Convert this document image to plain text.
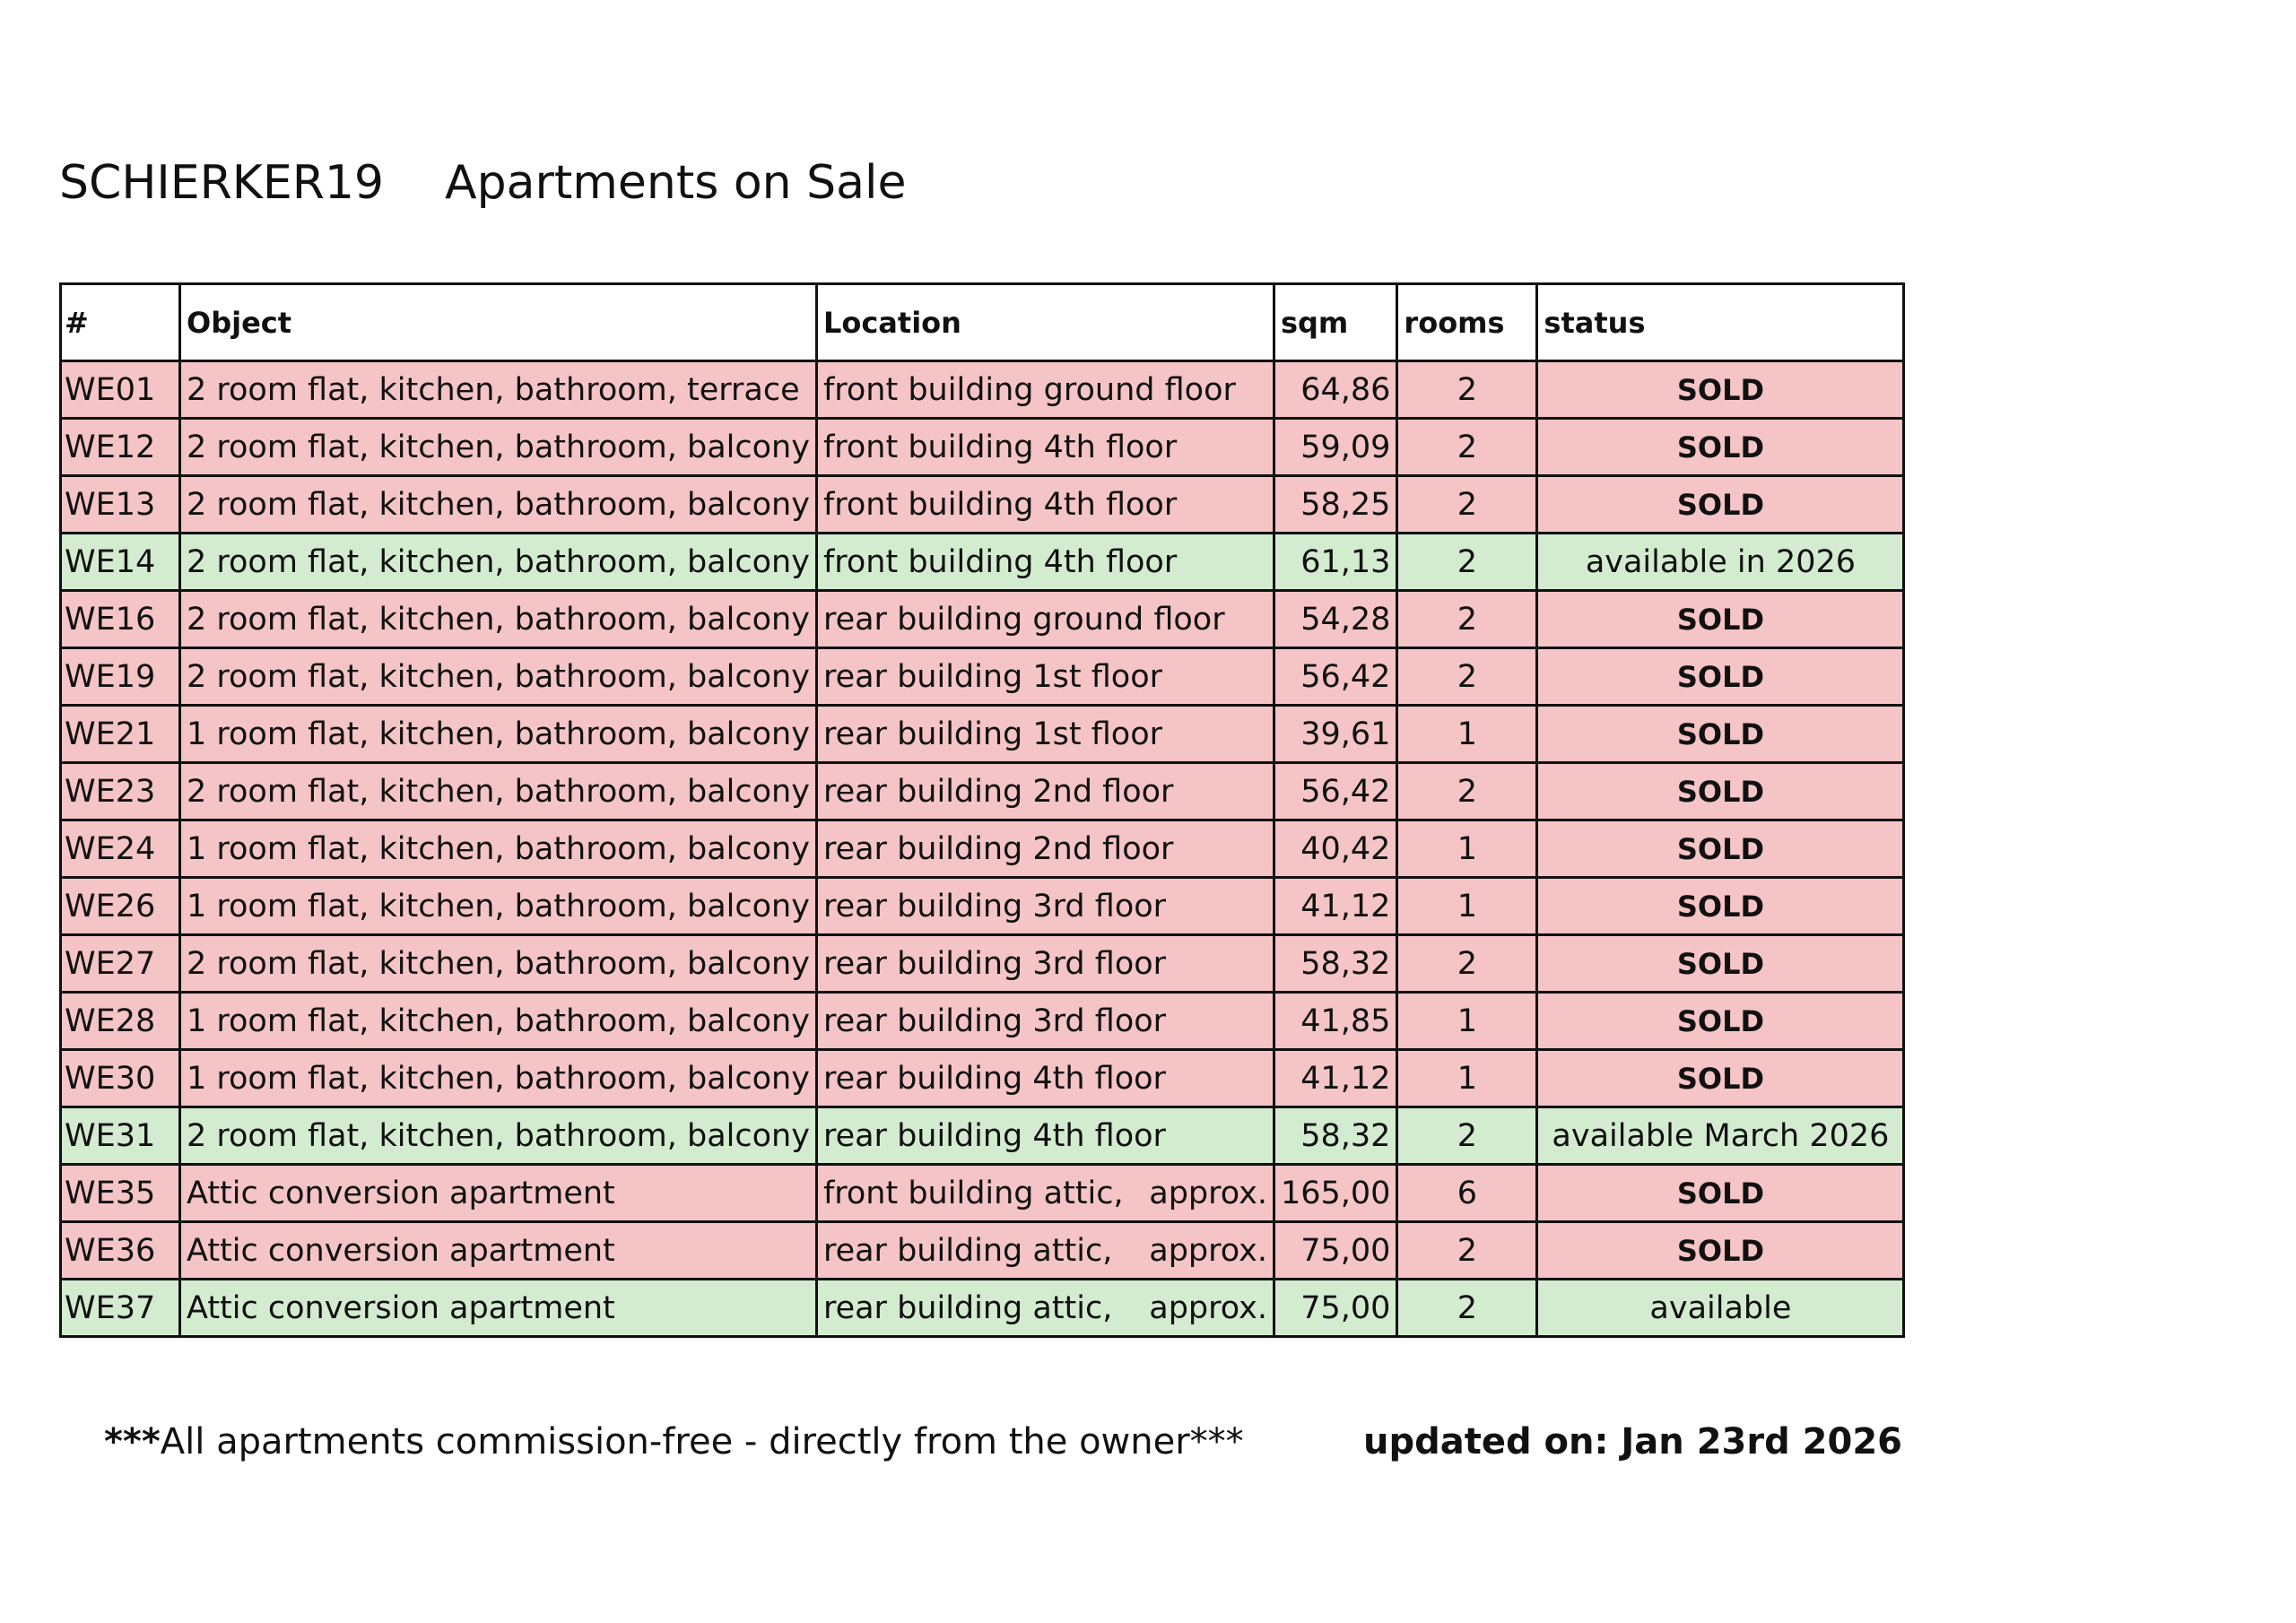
SCHIERKER19 Apartments on Sale
#	Object	Location	sqm	rooms	status
WE01	2 room flat, kitchen, bathroom, terrace	front building ground floor	64,86	2	SOLD
WE12	2 room flat, kitchen, bathroom, balcony	front building 4th floor	59,09	2	SOLD
WE13	2 room flat, kitchen, bathroom, balcony	front building 4th floor	58,25	2	SOLD
WE14	2 room flat, kitchen, bathroom, balcony	front building 4th floor	61,13	2	available in 2026
WE16	2 room flat, kitchen, bathroom, balcony	rear building ground floor	54,28	2	SOLD
WE19	2 room flat, kitchen, bathroom, balcony	rear building 1st floor	56,42	2	SOLD
WE21	1 room flat, kitchen, bathroom, balcony	rear building 1st floor	39,61	1	SOLD
WE23	2 room flat, kitchen, bathroom, balcony	rear building 2nd floor	56,42	2	SOLD
WE24	1 room flat, kitchen, bathroom, balcony	rear building 2nd floor	40,42	1	SOLD
WE26	1 room flat, kitchen, bathroom, balcony	rear building 3rd floor	41,12	1	SOLD
WE27	2 room flat, kitchen, bathroom, balcony	rear building 3rd floor	58,32	2	SOLD
WE28	1 room flat, kitchen, bathroom, balcony	rear building 3rd floor	41,85	1	SOLD
WE30	1 room flat, kitchen, bathroom, balcony	rear building 4th floor	41,12	1	SOLD
WE31	2 room flat, kitchen, bathroom, balcony	rear building 4th floor	58,32	2	available March 2026
WE35	Attic conversion apartment	front building attic, approx.	165,00	6	SOLD
WE36	Attic conversion apartment	rear building attic, approx.	75,00	2	SOLD
WE37	Attic conversion apartment	rear building attic, approx.	75,00	2	available
***All apartments commission-free - directly from the owner***	updated on: Jan 23rd 2026
